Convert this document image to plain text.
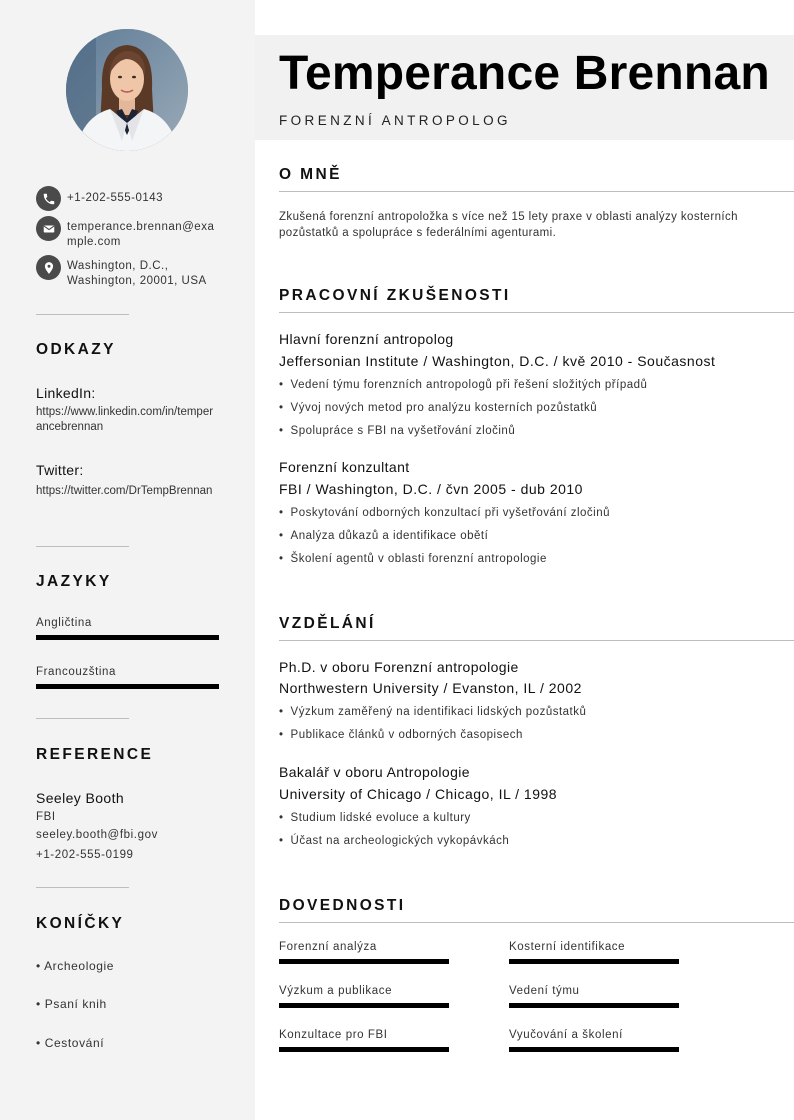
+1-202-555-0143
temperance.brennan@example.com
Washington, D.C.,
Washington, 20001, USA
ODKAZY
LinkedIn:
https://www.linkedin.com/in/temperancebrennan
Twitter:
https://twitter.com/DrTempBrennan
JAZYKY
Angličtina
Francouzština
REFERENCE
Seeley Booth
FBI
seeley.booth@fbi.gov
+1-202-555-0199
KONÍČKY
• Archeologie
• Psaní knih
• Cestování
Temperance Brennan
FORENZNÍ ANTROPOLOG
O MNĚ

Zkušená forenzní antropoložka s více než 15 lety praxe v oblasti analýzy kosterních pozůstatků a spolupráce s federálními agenturami.

PRACOVNÍ ZKUŠENOSTI
Hlavní forenzní antropolog
Jeffersonian Institute / Washington, D.C. / kvě 2010 - Současnost
• Vedení týmu forenzních antropologů při řešení složitých případů
• Vývoj nových metod pro analýzu kosterních pozůstatků
• Spolupráce s FBI na vyšetřování zločinů
Forenzní konzultant
FBI / Washington, D.C. / čvn 2005 - dub 2010
• Poskytování odborných konzultací při vyšetřování zločinů
• Analýza důkazů a identifikace obětí
• Školení agentů v oblasti forenzní antropologie
VZDĚLÁNÍ
Ph.D. v oboru Forenzní antropologie
Northwestern University / Evanston, IL / 2002
• Výzkum zaměřený na identifikaci lidských pozůstatků
• Publikace článků v odborných časopisech
Bakalář v oboru Antropologie
University of Chicago / Chicago, IL / 1998
• Studium lidské evoluce a kultury
• Účast na archeologických vykopávkách
DOVEDNOSTI
Forenzní analýza	Kosterní identifikace
Výzkum a publikace	Vedení týmu
Konzultace pro FBI	Vyučování a školení
